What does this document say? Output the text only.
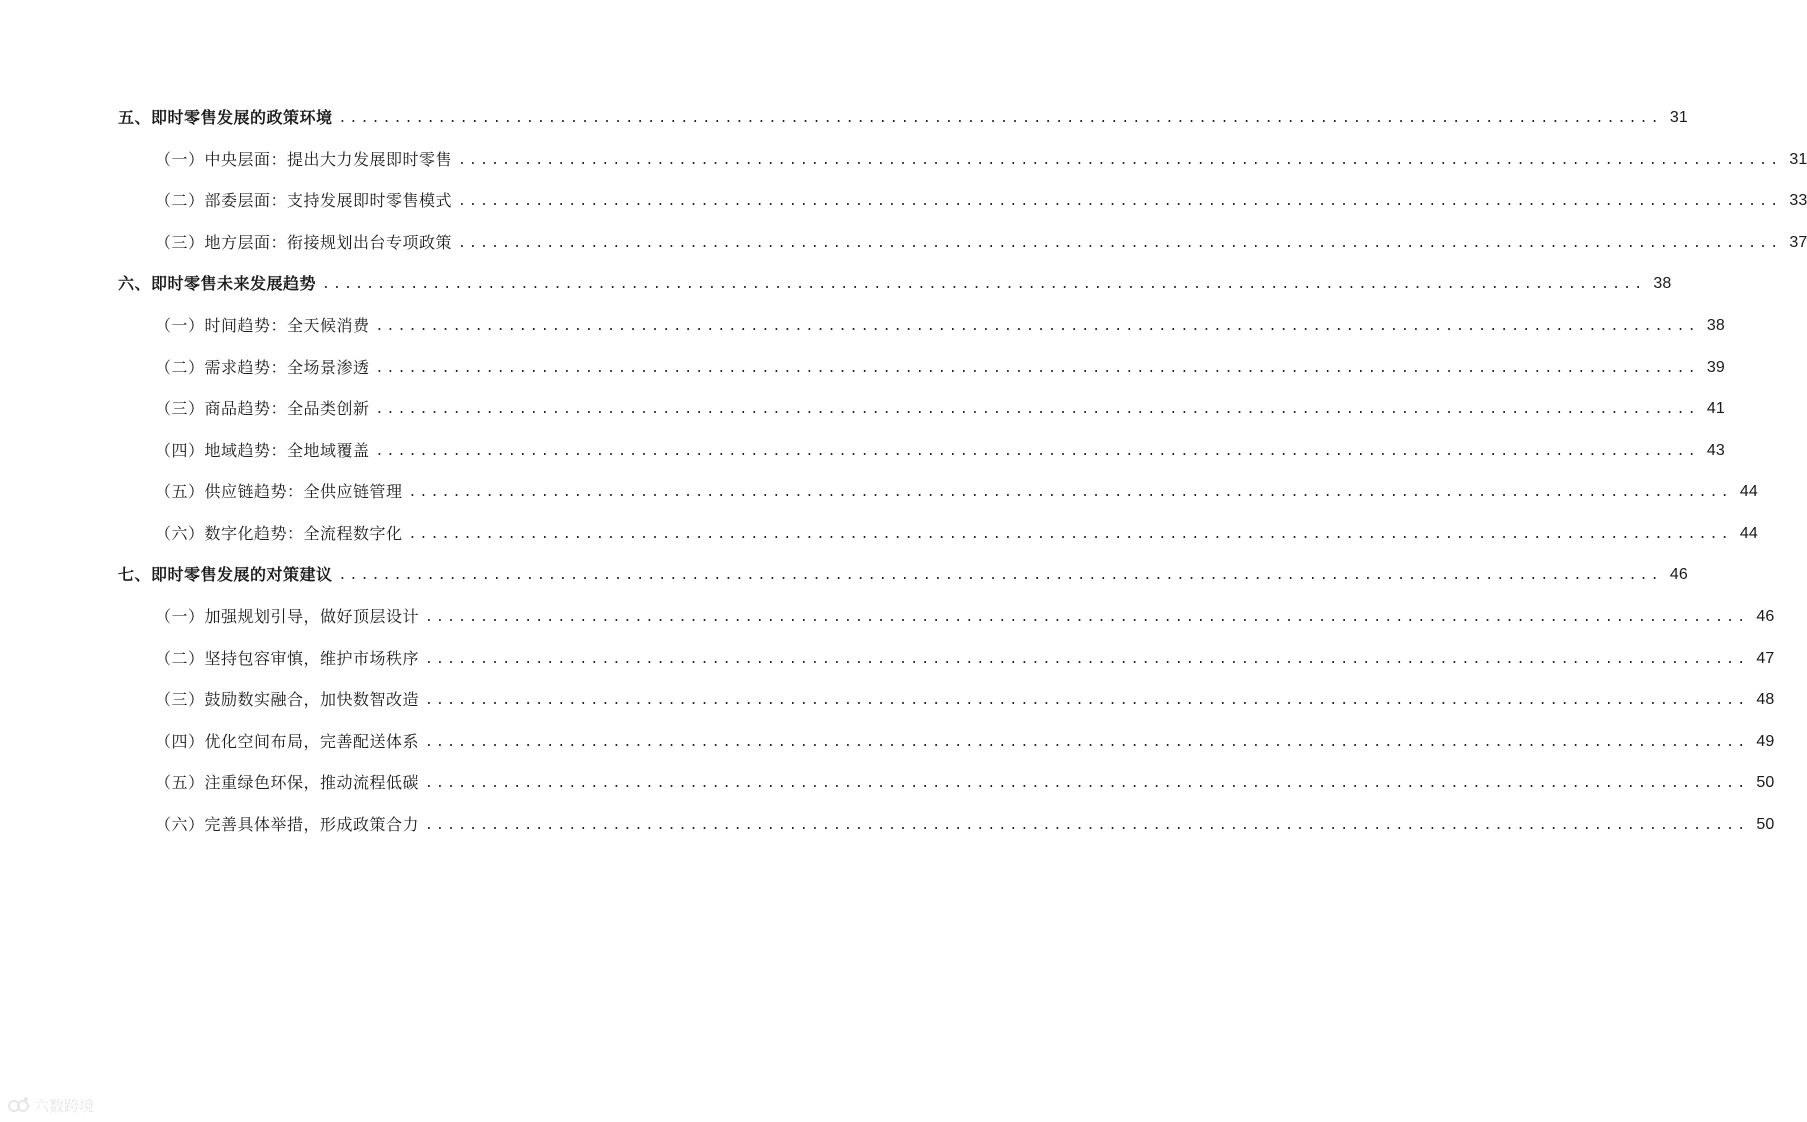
五、即时零售发展的政策环境 ........................................................................................................................ 31
（一）中央层面：提出大力发展即时零售 ........................................................................................................................ 31
（二）部委层面：支持发展即时零售模式 ........................................................................................................................ 33
（三）地方层面：衔接规划出台专项政策 ........................................................................................................................ 37
六、即时零售未来发展趋势 ........................................................................................................................ 38
（一）时间趋势：全天候消费 ........................................................................................................................ 38
（二）需求趋势：全场景渗透 ........................................................................................................................ 39
（三）商品趋势：全品类创新 ........................................................................................................................ 41
（四）地域趋势：全地域覆盖 ........................................................................................................................ 43
（五）供应链趋势：全供应链管理 ........................................................................................................................ 44
（六）数字化趋势：全流程数字化 ........................................................................................................................ 44
七、即时零售发展的对策建议 ........................................................................................................................ 46
（一）加强规划引导，做好顶层设计 ........................................................................................................................ 46
（二）坚持包容审慎，维护市场秩序 ........................................................................................................................ 47
（三）鼓励数实融合，加快数智改造 ........................................................................................................................ 48
（四）优化空间布局，完善配送体系 ........................................................................................................................ 49
（五）注重绿色环保，推动流程低碳 ........................................................................................................................ 50
（六）完善具体举措，形成政策合力 ........................................................................................................................ 50
六数跨境
